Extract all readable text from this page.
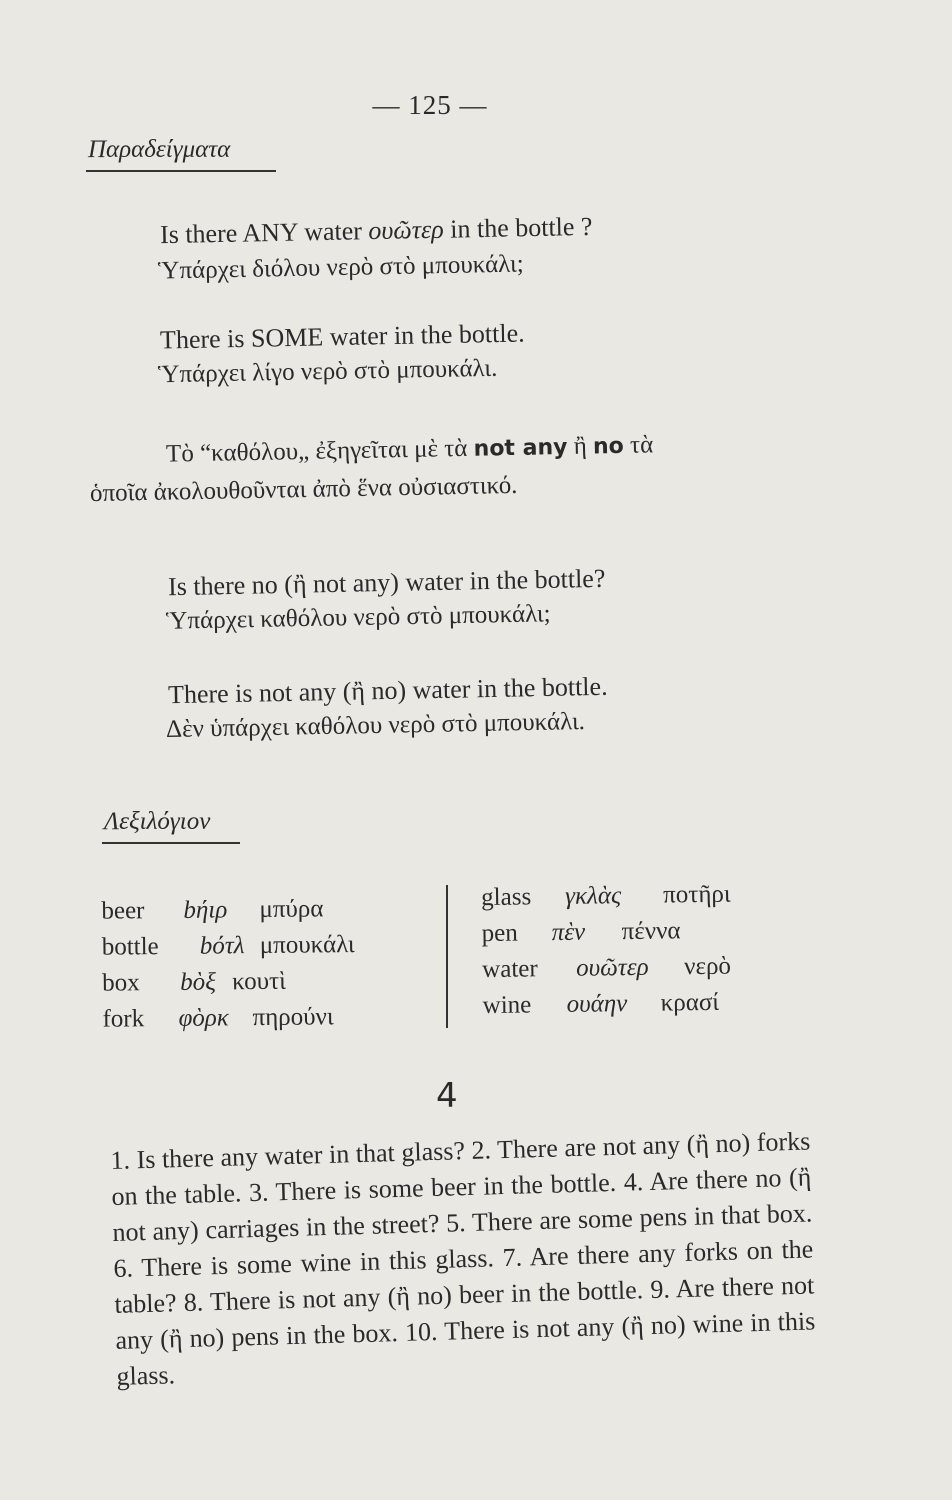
— 125 —
Παραδείγματα
Is there ANY water ουῶτερ in the bottle ?
Ὑπάρχει διόλου νερὸ στὸ μπουκάλι;
There is SOME water in the bottle.
Ὑπάρχει λίγο νερὸ στὸ μπουκάλι.
Τὸ “καθόλου„ ἐξηγεῖται μὲ τὰ not any ἢ no τὰ
ὁποῖα ἀκολουθοῦνται ἀπὸ ἕνα οὐσιαστικό.
Is there no (ἢ not any) water in the bottle?
Ὑπάρχει καθόλου νερὸ στὸ μπουκάλι;
There is not any (ἢ no) water in the bottle.
Δὲν ὑπάρχει καθόλου νερὸ στὸ μπουκάλι.
Λεξιλόγιον
beer bήιρ μπύρα
bottle bότλ μπουκάλι
box bὸξ κουτὶ
fork φὸρκ πηρούνι
glass γκλὰς ποτῆρι
pen πὲν πέννα
water ουῶτερ νερὸ
wine ουάην κρασί
4
1. Is there any water in that glass? 2. There are not any (ἢ no) forks on the table. 3. There is some beer in the bottle. 4. Are there no (ἢ not any) carriages in the street? 5. There are some pens in that box. 6. There is some wine in this glass. 7. Are there any forks on the table? 8. There is not any (ἢ no) beer in the bottle. 9. Are there not any (ἢ no) pens in the box. 10. There is not any (ἢ no) wine in this glass.
